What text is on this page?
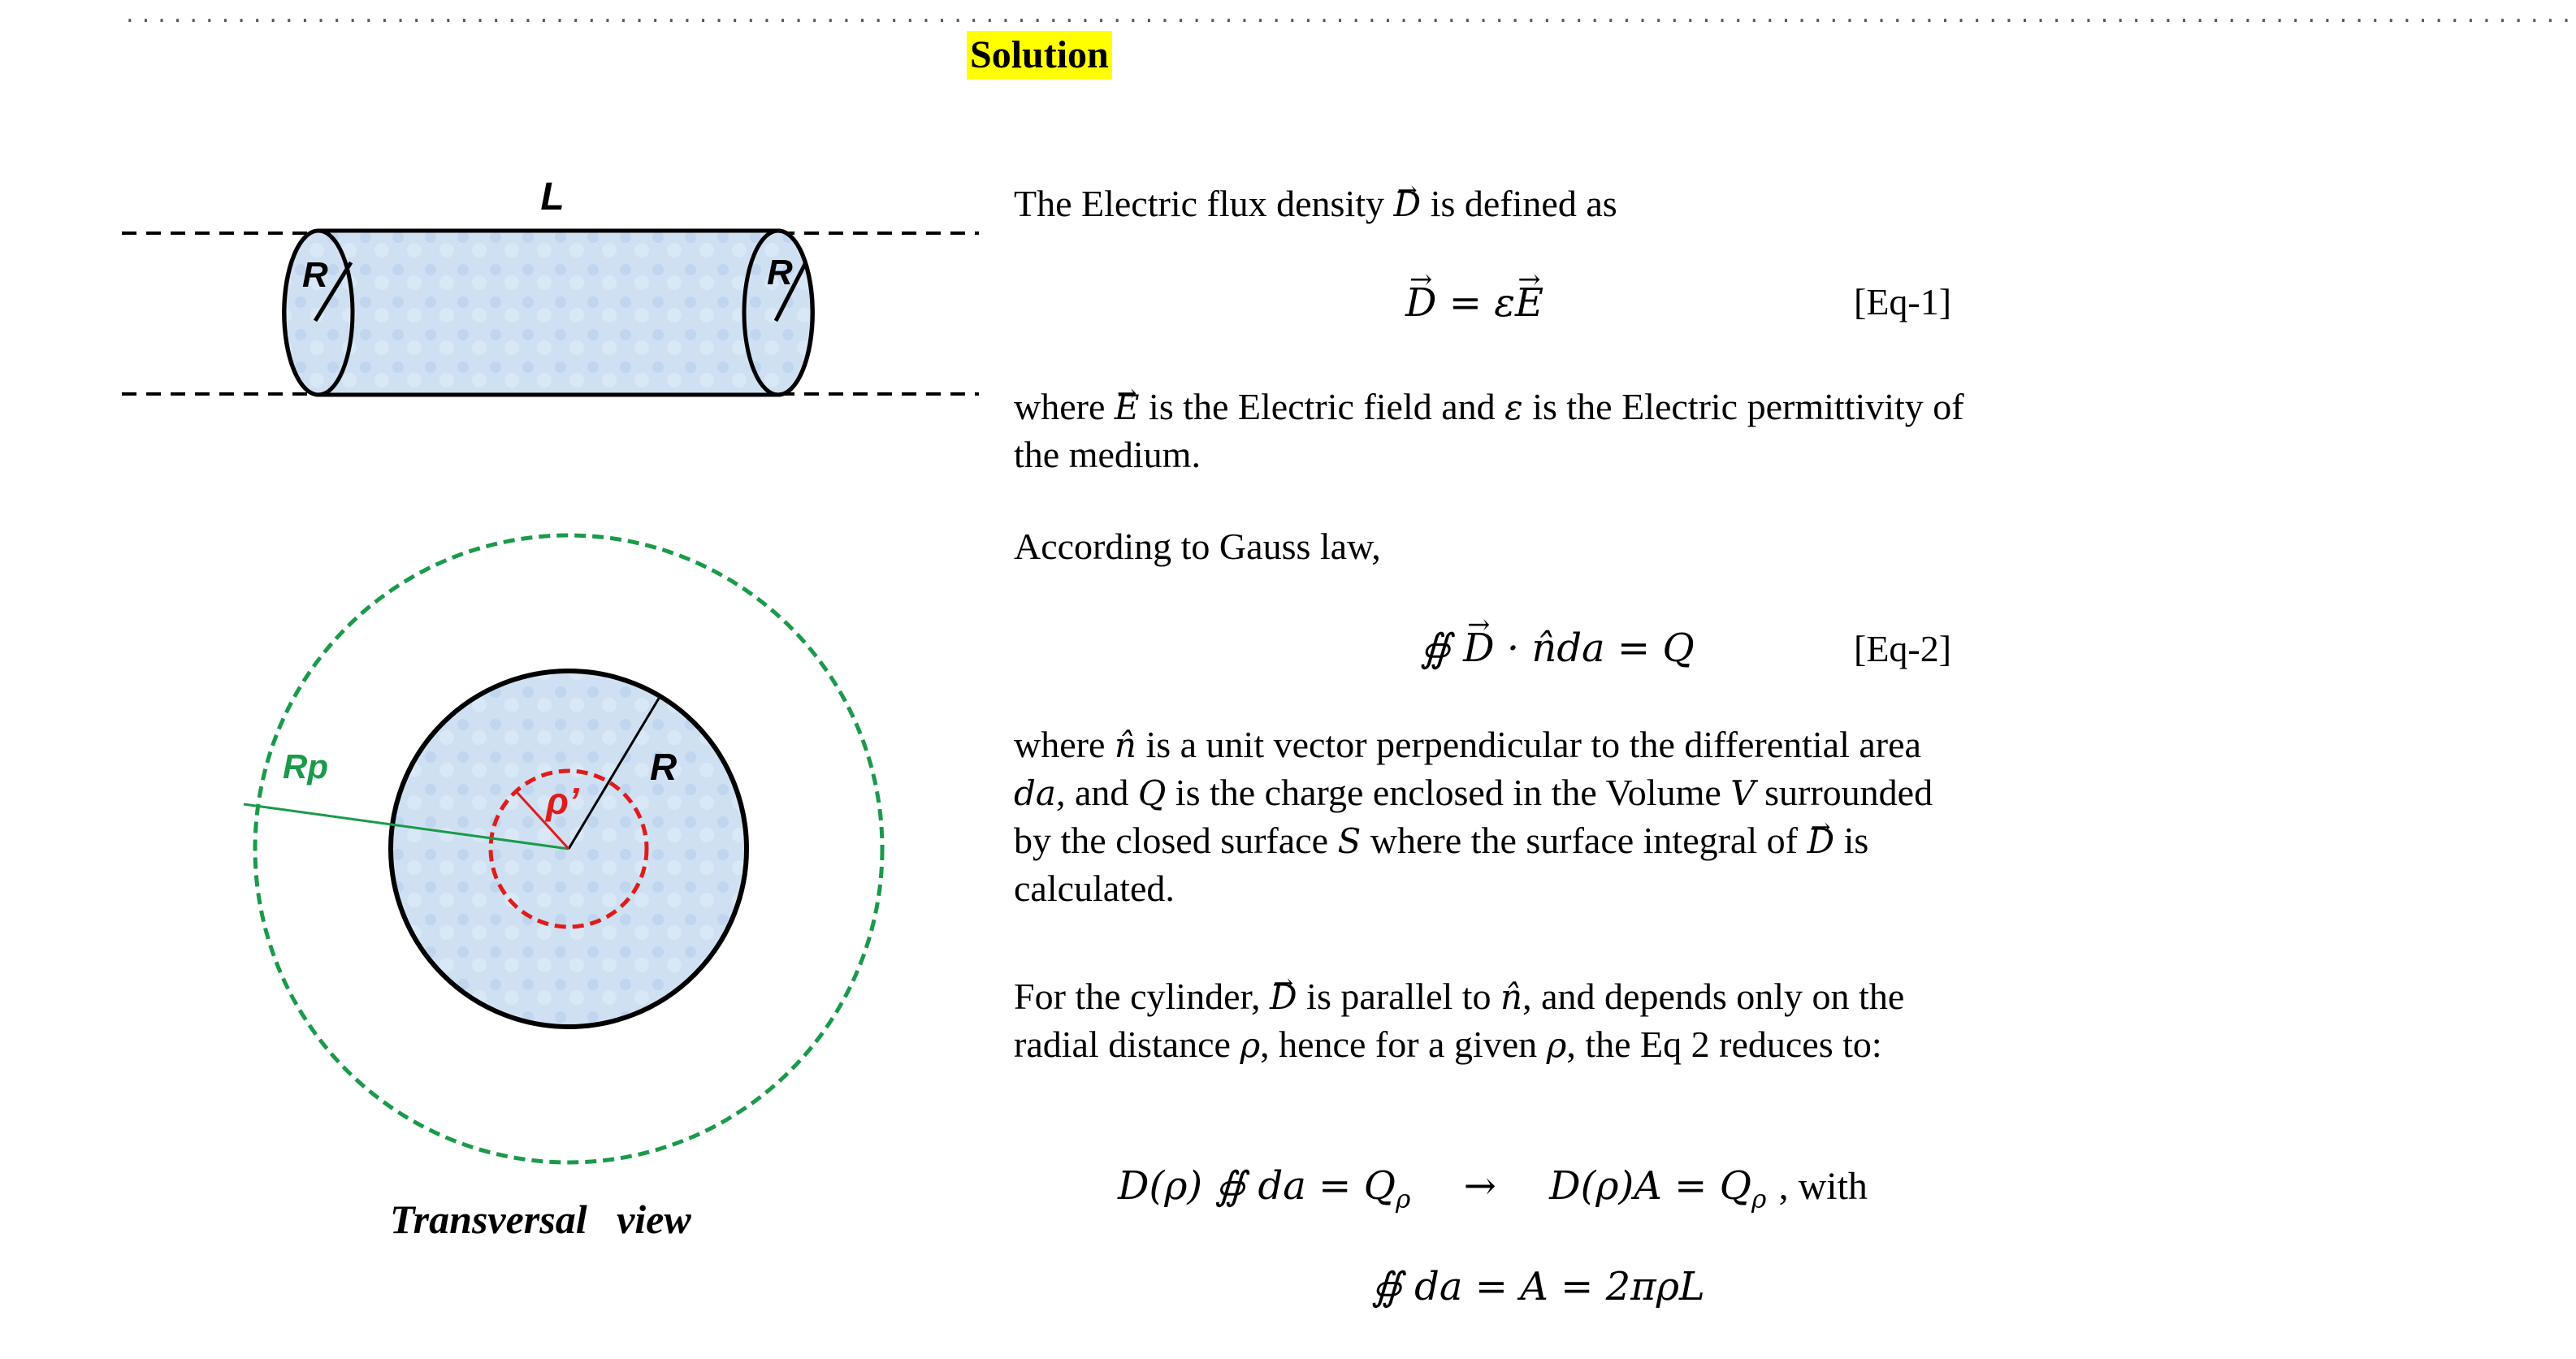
..........................................................................................................................................................
Solution
L
R	R
R
Rp
ρ’
Transversal view
The Electric flux density → D is defined as
→ D = ε→ E	[Eq-1]
where → E is the Electric field and ε is the Electric permittivity of the medium.
According to Gauss law,
∯ → D · n̂da = Q	[Eq-2]
where n̂ is a unit vector perpendicular to the differential area da, and Q is the charge enclosed in the Volume V surrounded by the closed surface S where the surface integral of → D is calculated.
For the cylinder, → D is parallel to n̂, and depends only on the radial distance ρ, hence for a given ρ, the Eq 2 reduces to:
D(ρ) ∯ da = $Q_\rho \to D(\rho)A = Q_\rho$ , with
∯ da = A = 2πρL
